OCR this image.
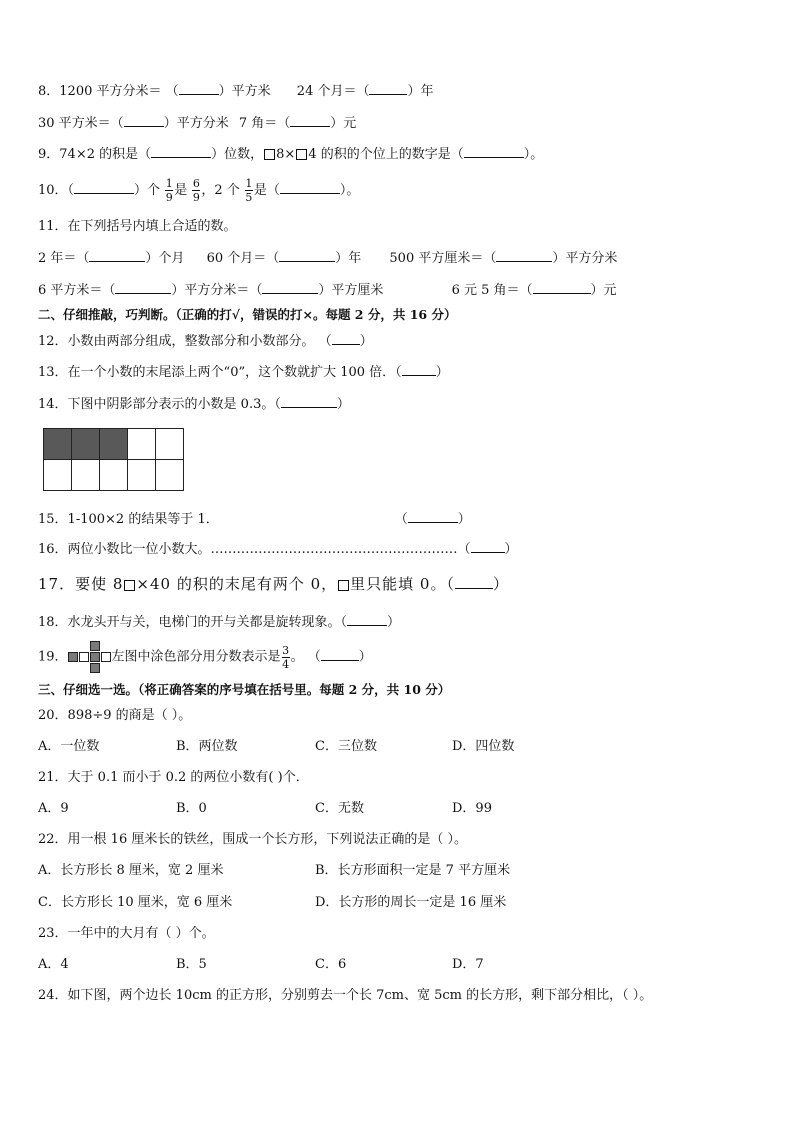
8．1200 平方分米＝ （	）平方米 24 个月＝（	）年
30 平方米＝（	）平方分米 7 角＝（	）元
9．74×2 的积是（	）位数， 8× 4 的积的个位上的数字是（	）。
10．（	）个 $\frac{1}{9}$ 是 $\frac{6}{9}$ ，2 个 $\frac{1}{5}$ 是（	）。
11．在下列括号内填上合适的数。
2 年＝（	）个月 60 个月＝（	）年 500 平方厘米＝（	）平方分米
6 平方米＝（	）平方分米＝（	）平方厘米	6 元 5 角＝（	）元
二、仔细推敲，巧判断。（正确的打√，错误的打×。每题 2 分，共 16 分）
12．小数由两部分组成，整数部分和小数部分。 （ ）
13．在一个小数的末尾添上两个“0”，这个数就扩大 100 倍．（	）
14．下图中阴影部分表示的小数是 0.3。（	）

15．1-100×2 的结果等于 1．	（	）
16．两位小数比一位小数大。…………………………………………………（	）
17．要使 8 ×40 的积的末尾有两个 0， 里只能填 0。（	）
18．水龙头开与关，电梯门的开与关都是旋转现象。（	）
19．	左图中涂色部分用分数表示是 $\frac{3}{4}$ 。 （	）
三、仔细选一选。（将正确答案的序号填在括号里。每题 2 分，共 10 分）
20．898÷9 的商是（ ）。
A．一位数	B．两位数	C．三位数	D．四位数
21．大于 0.1 而小于 0.2 的两位小数有( )个．
A．9	B．0	C．无数	D．99
22．用一根 16 厘米长的铁丝，围成一个长方形，下列说法正确的是（ ）。
A．长方形长 8 厘米，宽 2 厘米	B．长方形面积一定是 7 平方厘米
C．长方形长 10 厘米，宽 6 厘米	D．长方形的周长一定是 16 厘米
23．一年中的大月有（ ）个。
A．4	B．5	C．6	D．7
24．如下图，两个边长 10cm 的正方形，分别剪去一个长 7cm、宽 5cm 的长方形，剩下部分相比，（ ）。
